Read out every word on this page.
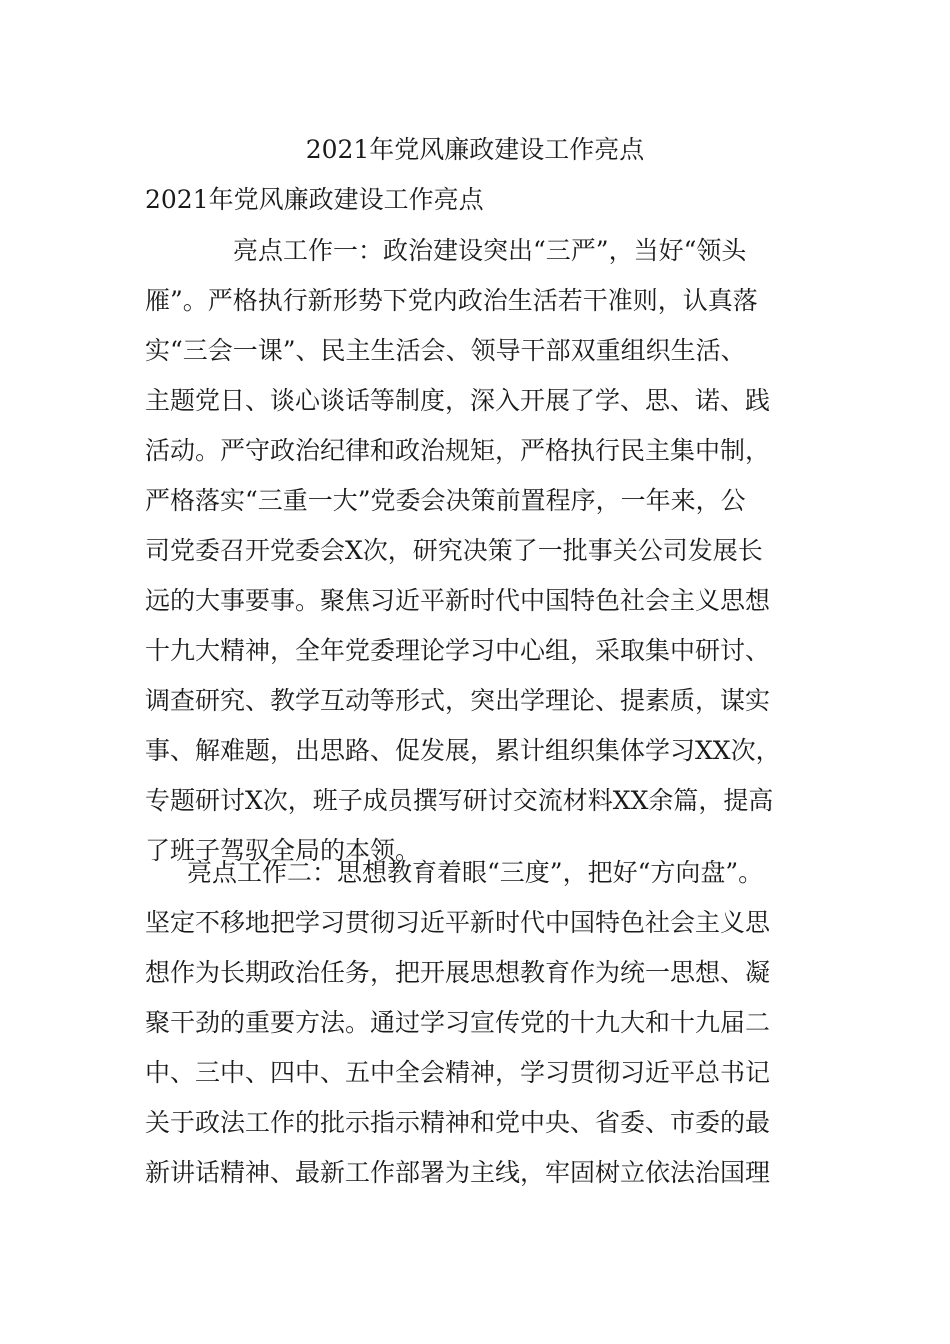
2021年党风廉政建设工作亮点
2021年党风廉政建设工作亮点
亮点工作一：政治建设突出“三严”，当好“领头
雁”。严格执行新形势下党内政治生活若干准则，认真落
实“三会一课”、民主生活会、领导干部双重组织生活、
主题党日、谈心谈话等制度，深入开展了学、思、诺、践
活动。严守政治纪律和政治规矩，严格执行民主集中制，
严格落实“三重一大”党委会决策前置程序，一年来，公
司党委召开党委会X次，研究决策了一批事关公司发展长
远的大事要事。聚焦习近平新时代中国特色社会主义思想
十九大精神，全年党委理论学习中心组，采取集中研讨、
调查研究、教学互动等形式，突出学理论、提素质，谋实
事、解难题，出思路、促发展，累计组织集体学习XX次，
专题研讨X次，班子成员撰写研讨交流材料XX余篇，提高
了班子驾驭全局的本领。
亮点工作二：思想教育着眼“三度”，把好“方向盘”。
坚定不移地把学习贯彻习近平新时代中国特色社会主义思
想作为长期政治任务，把开展思想教育作为统一思想、凝
聚干劲的重要方法。通过学习宣传党的十九大和十九届二
中、三中、四中、五中全会精神，学习贯彻习近平总书记
关于政法工作的批示指示精神和党中央、省委、市委的最
新讲话精神、最新工作部署为主线，牢固树立依法治国理
